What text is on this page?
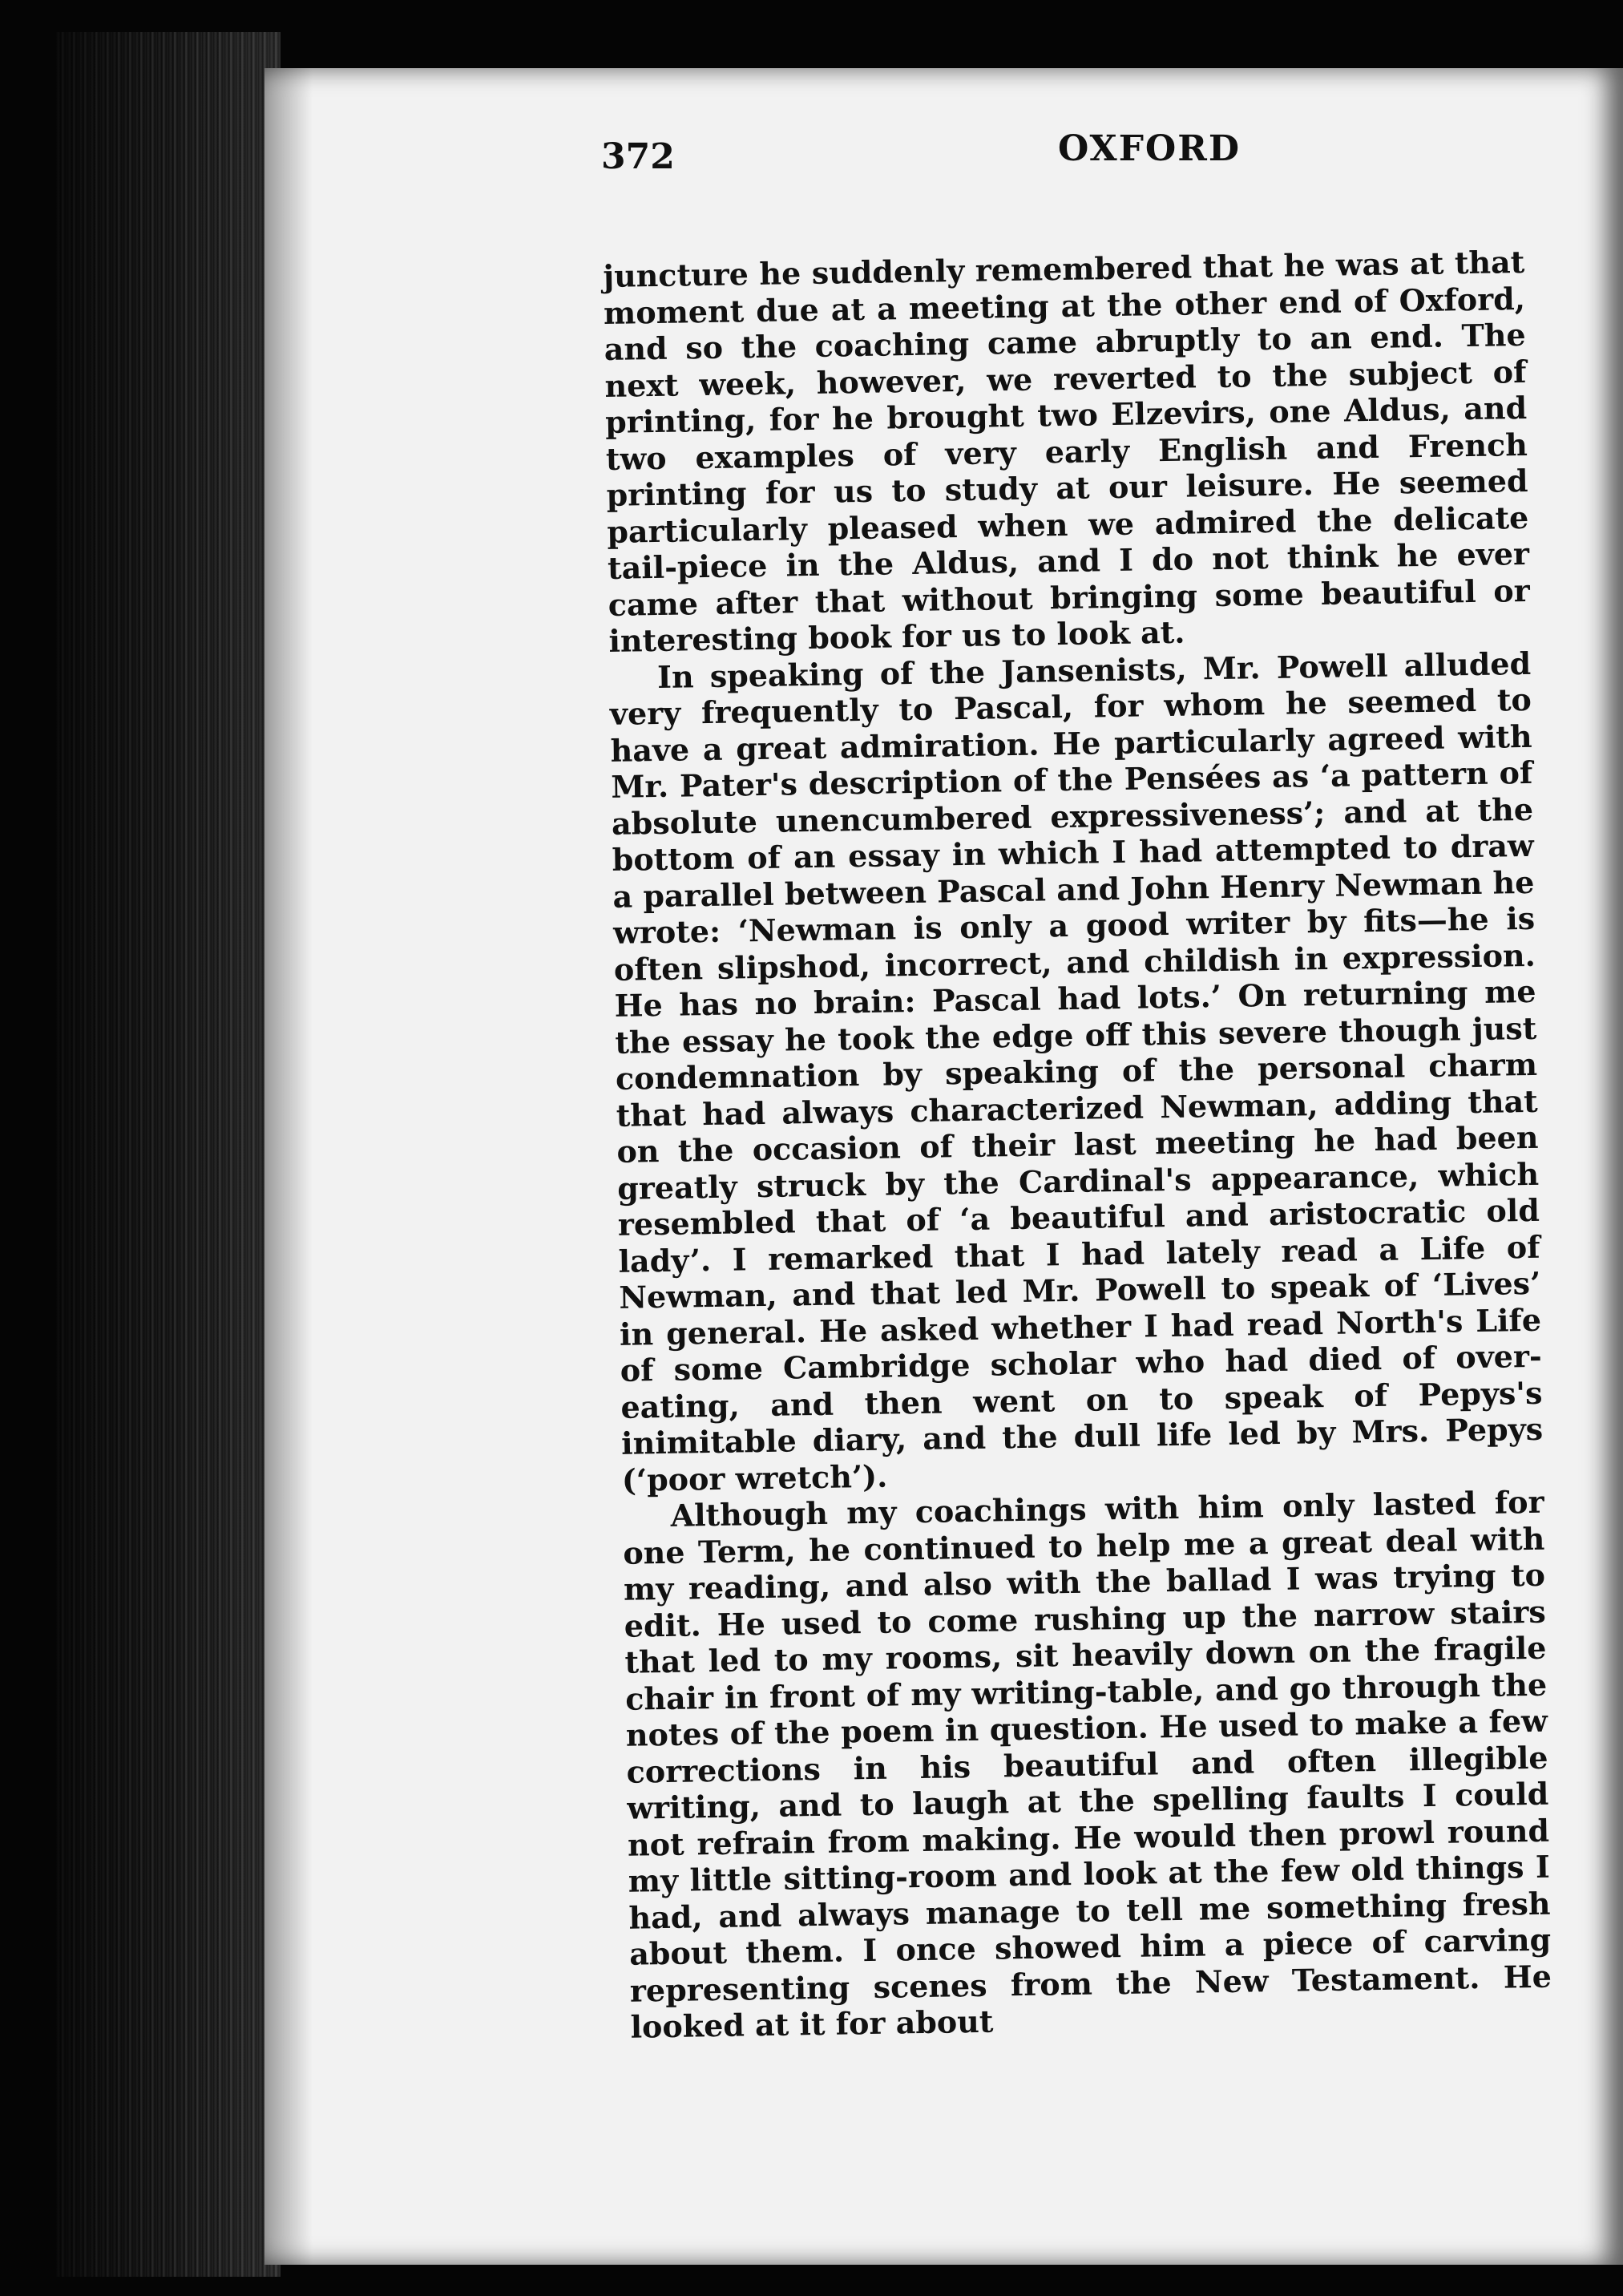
372	OXFORD

juncture he suddenly remembered that he was at that moment due at a meeting at the other end of Oxford, and so the coaching came abruptly to an end. The next week, however, we reverted to the subject of printing, for he brought two Elzevirs, one Aldus, and two examples of very early English and French printing for us to study at our leisure. He seemed particularly pleased when we admired the delicate tail-piece in the Aldus, and I do not think he ever came after that without bringing some beautiful or interesting book for us to look at.

In speaking of the Jansenists, Mr. Powell alluded very frequently to Pascal, for whom he seemed to have a great admiration. He particularly agreed with Mr. Pater's description of the Pensées as ‘a pattern of absolute unencumbered expressiveness’; and at the bottom of an essay in which I had attempted to draw a parallel between Pascal and John Henry Newman he wrote: ‘Newman is only a good writer by fits—he is often slipshod, incorrect, and childish in expression. He has no brain: Pascal had lots.’ On returning me the essay he took the edge off this severe though just condemnation by speaking of the personal charm that had always characterized Newman, adding that on the occasion of their last meeting he had been greatly struck by the Cardinal's appearance, which resembled that of ‘a beautiful and aristocratic old lady’. I remarked that I had lately read a Life of Newman, and that led Mr. Powell to speak of ‘Lives’ in general. He asked whether I had read North's Life of some Cambridge scholar who had died of over-eating, and then went on to speak of Pepys's inimitable diary, and the dull life led by Mrs. Pepys (‘poor wretch’).

Although my coachings with him only lasted for one Term, he continued to help me a great deal with my reading, and also with the ballad I was trying to edit. He used to come rushing up the narrow stairs that led to my rooms, sit heavily down on the fragile chair in front of my writing-table, and go through the notes of the poem in question. He used to make a few corrections in his beautiful and often illegible writing, and to laugh at the spelling faults I could not refrain from making. He would then prowl round my little sitting-room and look at the few old things I had, and always manage to tell me something fresh about them. I once showed him a piece of carving representing scenes from the New Testament. He looked at it for about
